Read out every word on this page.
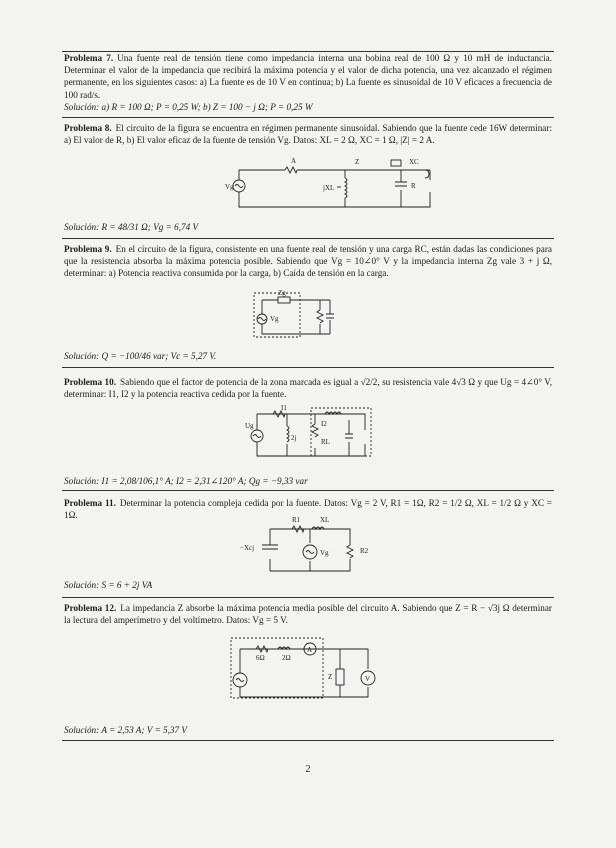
Problema 7. Una fuente real de tensión tiene como impedancia interna una bobina real de 100 Ω y 10 mH de inductancia. Determinar el valor de la impedancia que recibirá la máxima potencia y el valor de dicha potencia, una vez alcanzado el régimen permanente, en los siguientes casos: a) La fuente es de 10 V en continua; b) La fuente es sinusoidal de 10 V eficaces a frecuencia de 100 rad/s.

Solución: a) R = 100 Ω; P = 0,25 W; b) Z = 100 − j Ω; P = 0,25 W

Problema 8. El circuito de la figura se encuentra en régimen permanente sinusoidal. Sabiendo que la fuente cede 16W determinar: a) El valor de R, b) El valor eficaz de la fuente de tensión Vg. Datos: XL = 2 Ω, XC = 1 Ω, |Z| = 2 A.

A
Vg
Z
jXL
XC
R
Solución: R = 48/31 Ω; Vg = 6,74 V

Problema 9. En el circuito de la figura, consistente en una fuente real de tensión y una carga RC, están dadas las condiciones para que la resistencia absorba la máxima potencia posible. Sabiendo que Vg = 10∠0° V y la impedancia interna Zg vale 3 + j Ω, determinar: a) Potencia reactiva consumida por la carga, b) Caída de tensión en la carga.

Zg
Vg
Solución: Q = −100/46 var; Vc = 5,27 V.

Problema 10. Sabiendo que el factor de potencia de la zona marcada es igual a √2/2, su resistencia vale 4√3 Ω y que Ug = 4∠0° V, determinar: I1, I2 y la potencia reactiva cedida por la fuente.

I1
Ug
2j
I2
RL
Solución: I1 = 2,08/106,1° A; I2 = 2,31∠120° A; Qg = −9,33 var

Problema 11. Determinar la potencia compleja cedida por la fuente. Datos: Vg = 2 V, R1 = 1Ω, R2 = 1/2 Ω, XL = 1/2 Ω y XC = 1Ω.	R1	XL
−Xcj
Vg	R2
Solución: S = 6 + 2j VA

Problema 12. La impedancia Z absorbe la máxima potencia media posible del circuito A. Sabiendo que Z = R − √3j Ω determinar la lectura del amperímetro y del voltímetro. Datos: Vg = 5 V.

6Ω 2Ω
A
Z	V
Solución: A = 2,53 A; V = 5,37 V
2
